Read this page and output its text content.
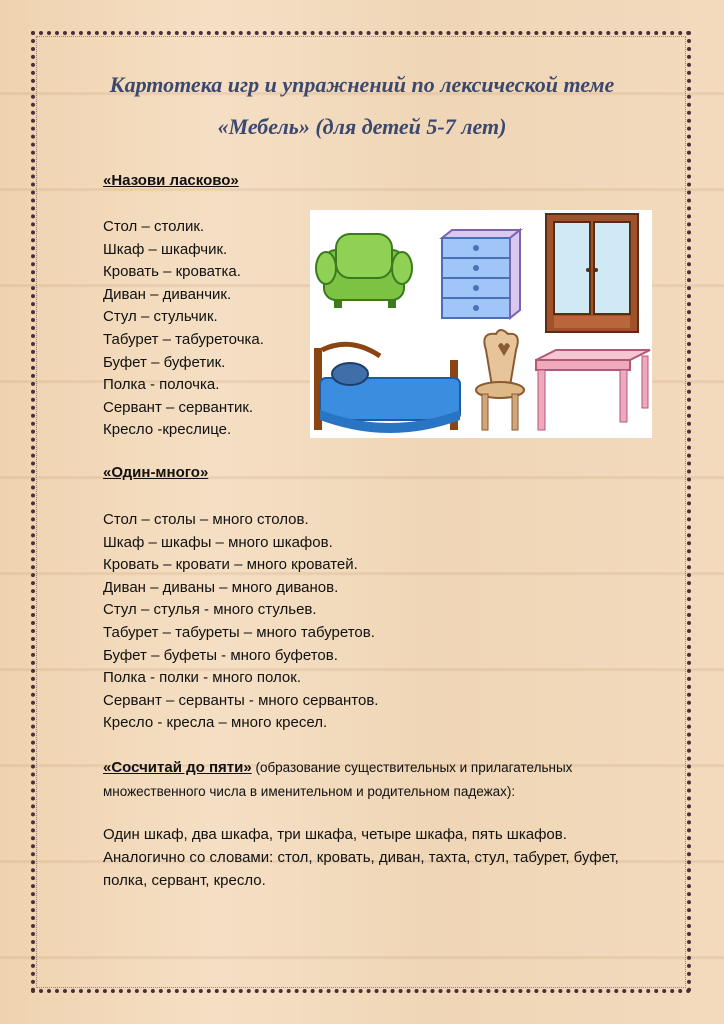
Картотека игр и упражнений по лексической теме
«Мебель» (для детей 5-7 лет)
«Назови ласково»
Стол – столик.
Шкаф – шкафчик.
Кровать – кроватка.
Диван – диванчик.
Стул – стульчик.
Табурет – табуреточка.
Буфет – буфетик.
Полка - полочка.
Сервант – сервантик.
Кресло -креслице.
«Один-много»
Стол – столы – много столов.
Шкаф – шкафы – много шкафов.
Кровать – кровати – много кроватей.
Диван – диваны – много диванов.
Стул – стулья - много стульев.
Табурет – табуреты – много табуретов.
Буфет – буфеты - много буфетов.
Полка - полки - много полок.
Сервант – серванты - много сервантов.
Кресло - кресла – много кресел.
«Сосчитай до пяти» (образование существительных и прилагательных множественного числа в именительном и родительном падежах):
Один шкаф, два шкафа, три шкафа, четыре шкафа, пять шкафов.
Аналогично со словами: стол, кровать, диван, тахта, стул, табурет, буфет, полка, сервант, кресло.
